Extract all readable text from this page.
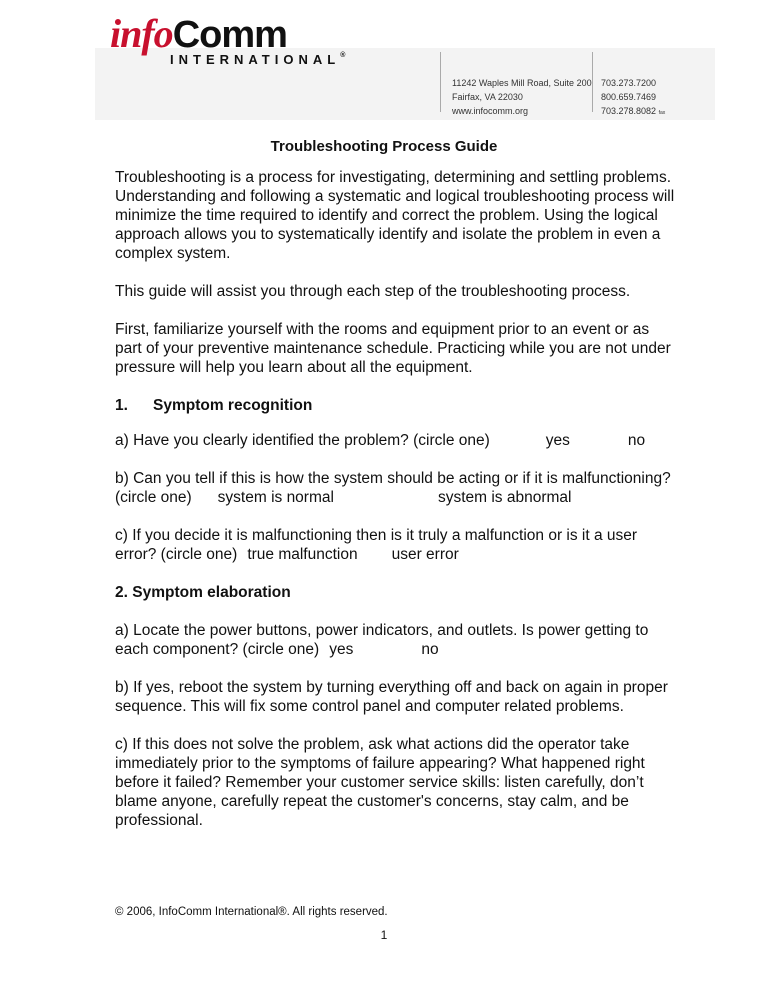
infoComm
INTERNATIONAL®
11242 Waples Mill Road, Suite 200
Fairfax, VA 22030
www.infocomm.org
703.273.7200
800.659.7469
703.278.8082 fax
Troubleshooting Process Guide

Troubleshooting is a process for investigating, determining and settling problems. Understanding and following a systematic and logical troubleshooting process will minimize the time required to identify and correct the problem. Using the logical approach allows you to systematically identify and isolate the problem in even a complex system.

This guide will assist you through each step of the troubleshooting process.

First, familiarize yourself with the rooms and equipment prior to an event or as part of your preventive maintenance schedule. Practicing while you are not under pressure will help you learn about all the equipment.

1. Symptom recognition

a) Have you clearly identified the problem? (circle one)	yes	no

b) Can you tell if this is how the system should be acting or if it is malfunctioning?
(circle one) system is normal	system is abnormal

c) If you decide it is malfunctioning then is it truly a malfunction or is it a user
error? (circle one) true malfunction user error

2. Symptom elaboration

a) Locate the power buttons, power indicators, and outlets. Is power getting to
each component? (circle one) yes	no

b) If yes, reboot the system by turning everything off and back on again in proper sequence. This will fix some control panel and computer related problems.

c) If this does not solve the problem, ask what actions did the operator take immediately prior to the symptoms of failure appearing? What happened right before it failed? Remember your customer service skills: listen carefully, don’t blame anyone, carefully repeat the customer's concerns, stay calm, and be professional.

© 2006, InfoComm International®. All rights reserved.
1
